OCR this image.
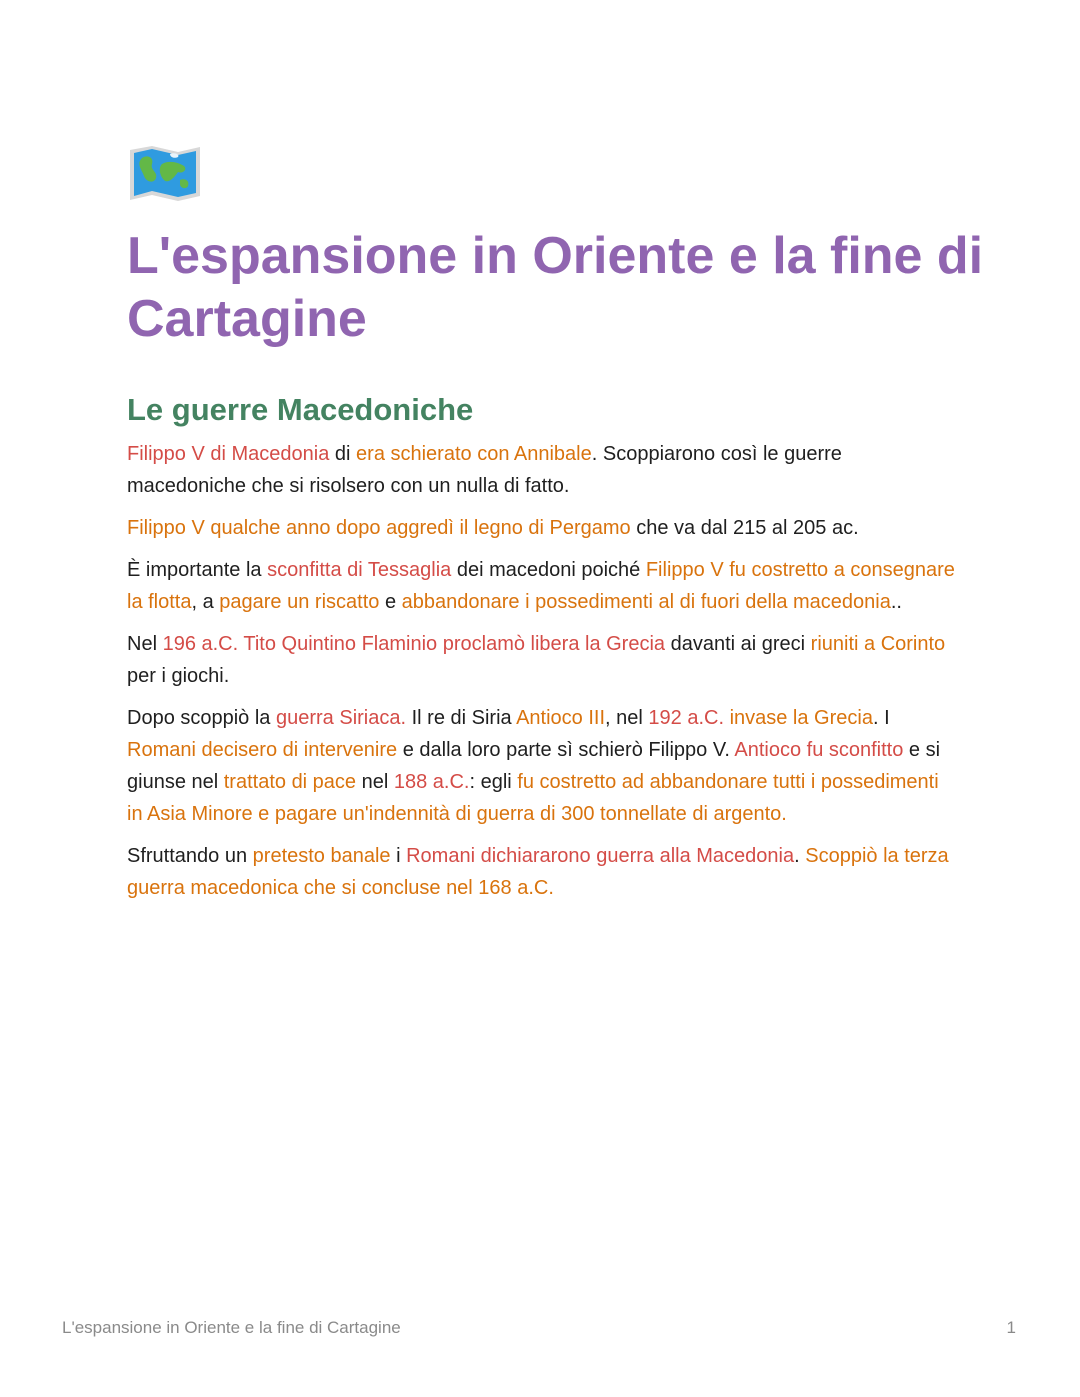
L'espansione in Oriente e la fine di Cartagine
Le guerre Macedoniche

Filippo V di Macedonia di era schierato con Annibale. Scoppiarono così le guerre macedoniche che si risolsero con un nulla di fatto.

Filippo V qualche anno dopo aggredì il legno di Pergamo che va dal 215 al 205 ac.

È importante la sconfitta di Tessaglia dei macedoni poiché Filippo V fu costretto a consegnare la flotta, a pagare un riscatto e abbandonare i possedimenti al di fuori della macedonia..

Nel 196 a.C. Tito Quintino Flaminio proclamò libera la Grecia davanti ai greci riuniti a Corinto per i giochi.

Dopo scoppiò la guerra Siriaca. Il re di Siria Antioco III, nel 192 a.C. invase la Grecia. I Romani decisero di intervenire e dalla loro parte sì schierò Filippo V. Antioco fu sconfitto e si giunse nel trattato di pace nel 188 a.C.: egli fu costretto ad abbandonare tutti i possedimenti in Asia Minore e pagare un'indennità di guerra di 300 tonnellate di argento.

Sfruttando un pretesto banale i Romani dichiararono guerra alla Macedonia. Scoppiò la terza guerra macedonica che si concluse nel 168 a.C.

L'espansione in Oriente e la fine di Cartagine	1
